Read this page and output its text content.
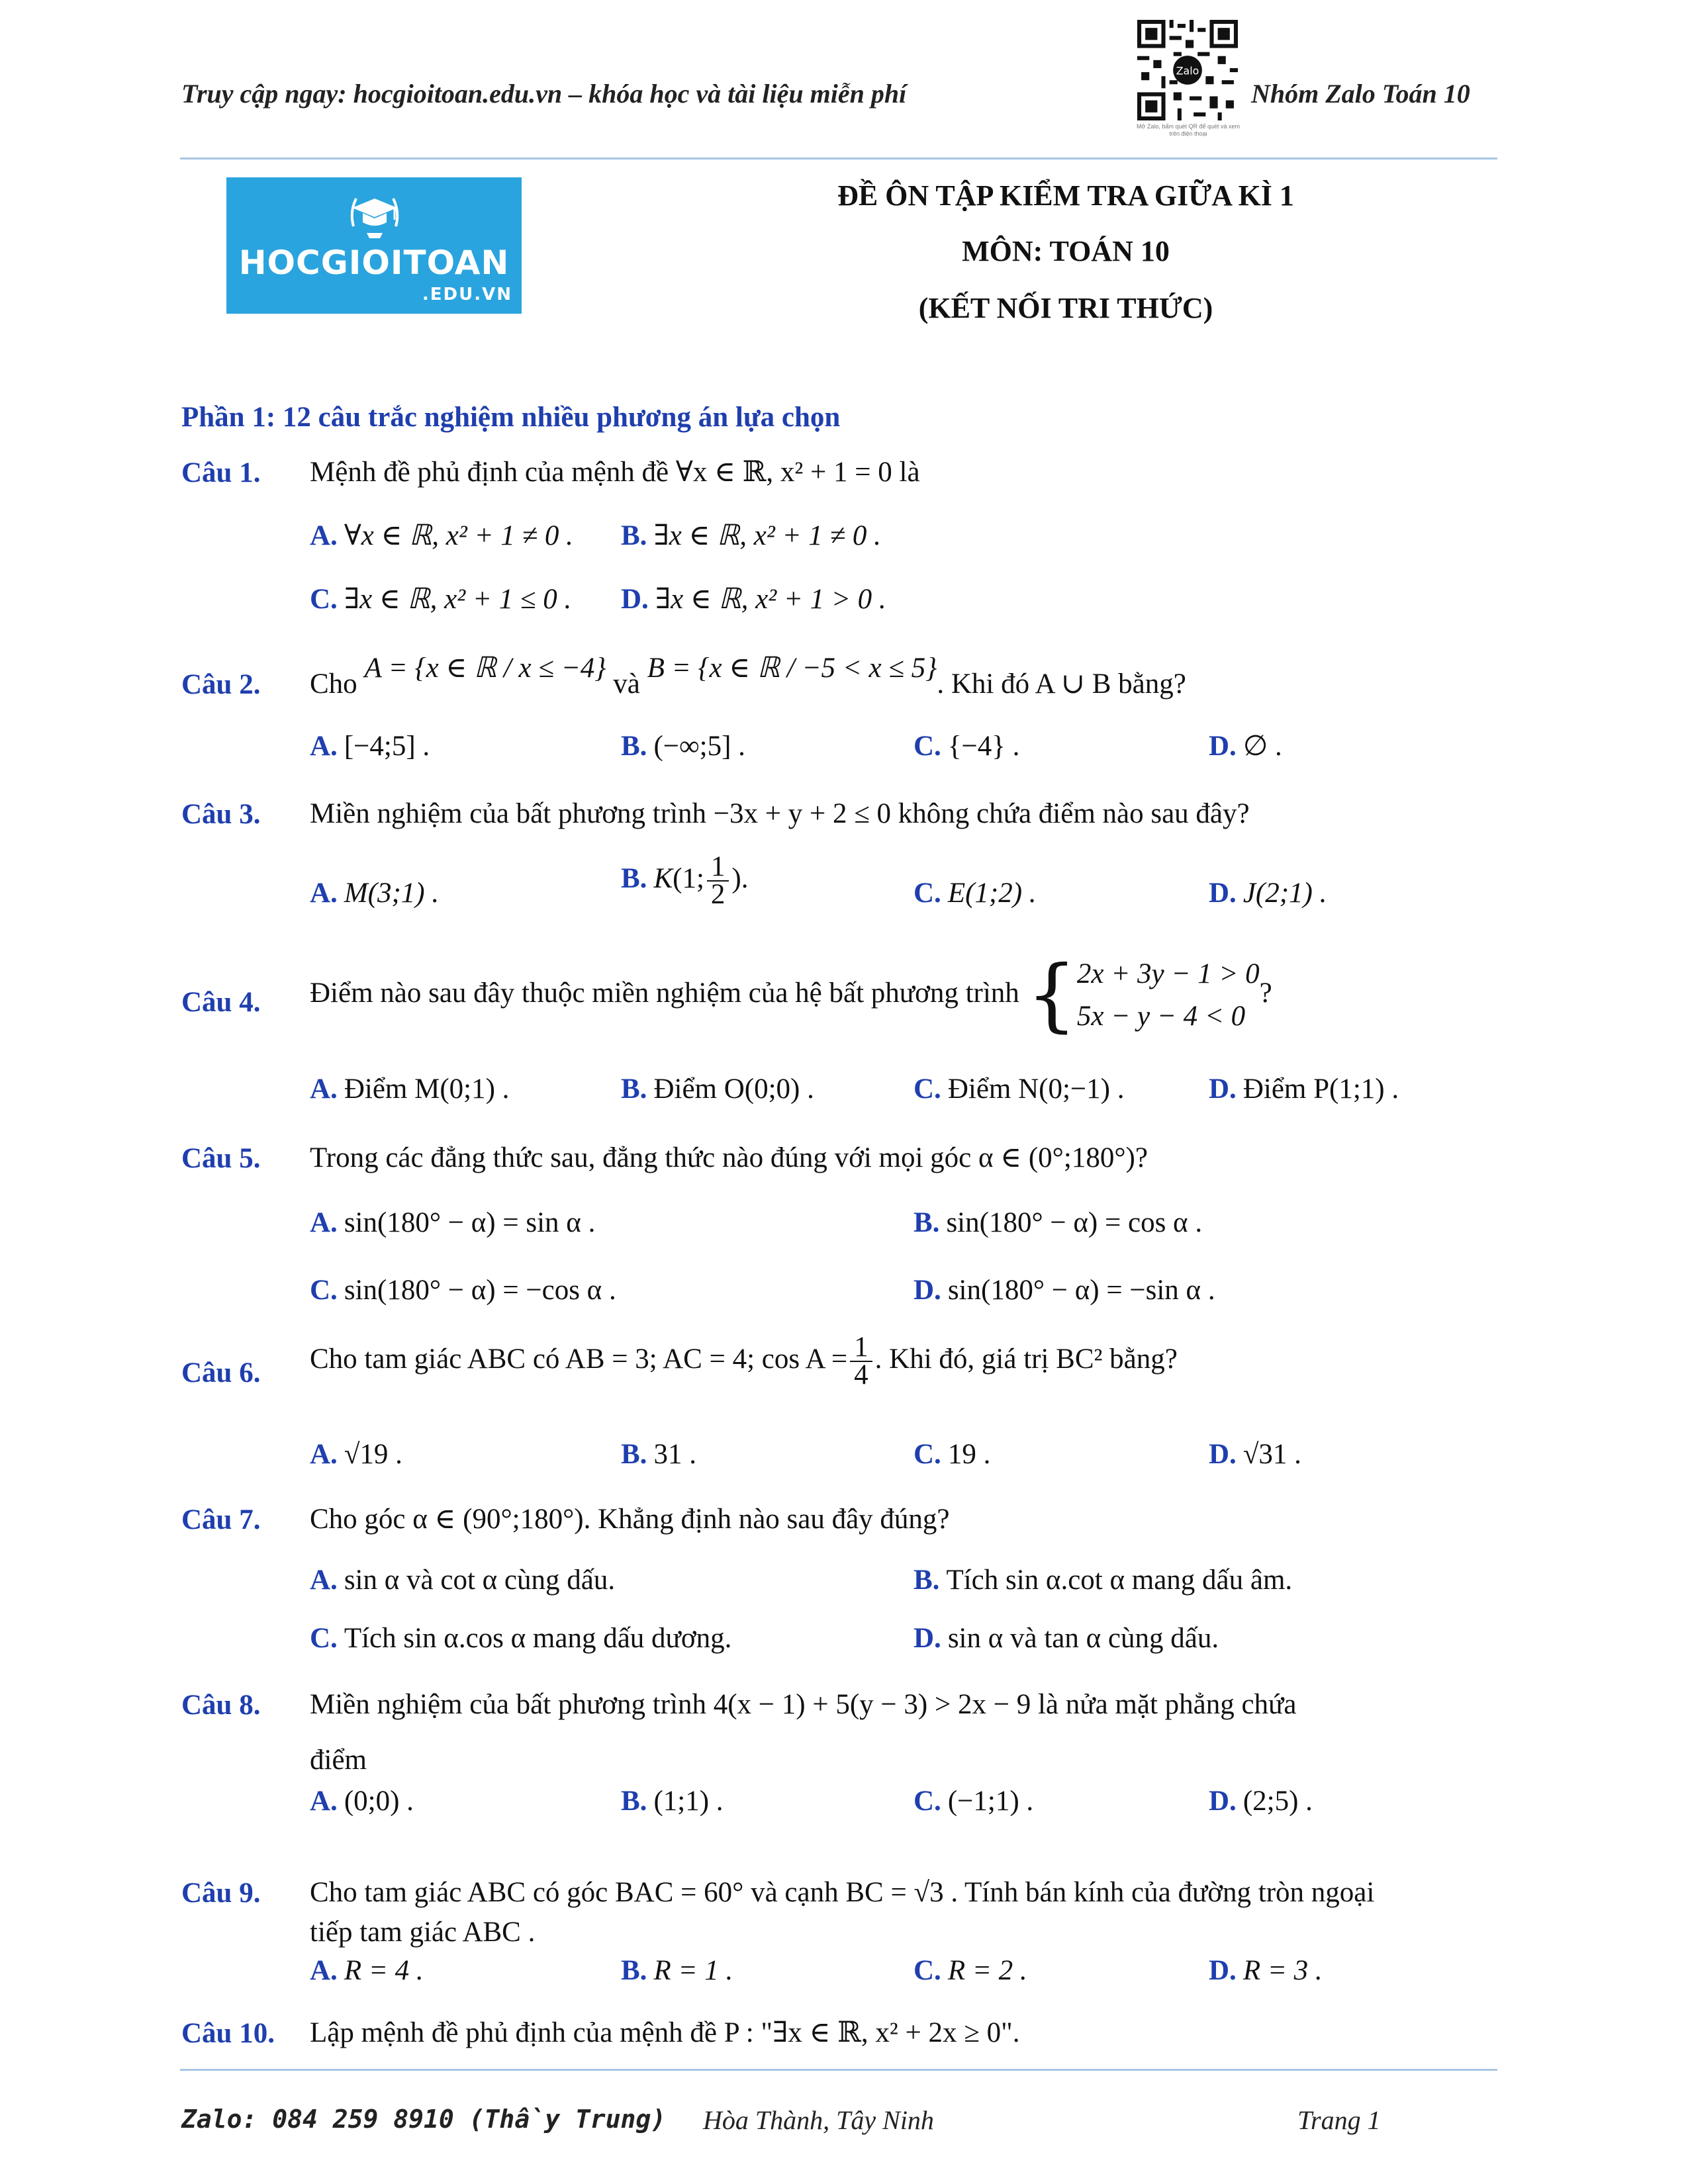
Truy cập ngay: hocgioitoan.edu.vn – khóa học và tài liệu miễn phí
Zalo
Mở Zalo, bấm quét QR để quét và xem trên điện thoại
Nhóm Zalo Toán 10
HOCGIOITOAN
.EDU.VN
ĐỀ ÔN TẬP KIỂM TRA GIỮA KÌ 1
MÔN: TOÁN 10
(KẾT NỐI TRI THỨC)
Phần 1: 12 câu trắc nghiệm nhiều phương án lựa chọn
Câu 1. Mệnh đề phủ định của mệnh đề ∀x ∈ ℝ, x² + 1 = 0 là
A. ∀x ∈ ℝ, x² + 1 ≠ 0 . B. ∃x ∈ ℝ, x² + 1 ≠ 0 .
C. ∃x ∈ ℝ, x² + 1 ≤ 0 . D. ∃x ∈ ℝ, x² + 1 > 0 .
Câu 2. Cho A = {x ∈ ℝ / x ≤ −4} và B = {x ∈ ℝ / −5 < x ≤ 5}. Khi đó A ∪ B bằng?
A. [−4;5] .	B. (−∞;5] .	C. {−4} .	D. ∅ .
Câu 3. Miền nghiệm của bất phương trình −3x + y + 2 ≤ 0 không chứa điểm nào sau đây?
A. M(3;1) .	B. K(1; $\frac{1}{2}$ ).	C. E(1;2) .	D. J(2;1) .
Câu 4. Điểm nào sau đây thuộc miền nghiệm của hệ bất phương trình {2x + 3y − 1 > 0
5x − y − 4 < 0?
A. Điểm M(0;1) .	B. Điểm O(0;0) .	C. Điểm N(0;−1) .	D. Điểm P(1;1) .
Câu 5. Trong các đẳng thức sau, đẳng thức nào đúng với mọi góc α ∈ (0°;180°)?
A. sin(180° − α) = sin α .	B. sin(180° − α) = cos α .
C. sin(180° − α) = −cos α .	D. sin(180° − α) = −sin α .
Câu 6. Cho tam giác ABC có AB = 3; AC = 4; $\cos A = \frac{1}{4}$ . Khi đó, giá trị BC² bằng?
A. √19 .	B. 31 .	C. 19 .	D. √31 .
Câu 7. Cho góc α ∈ (90°;180°). Khẳng định nào sau đây đúng?
A. sin α và cot α cùng dấu.	B. Tích sin α.cot α mang dấu âm.
C. Tích sin α.cos α mang dấu dương.	D. sin α và tan α cùng dấu.
Câu 8. Miền nghiệm của bất phương trình 4(x − 1) + 5(y − 3) > 2x − 9 là nửa mặt phẳng chứa
điểm
A. (0;0) .	B. (1;1) .	C. (−1;1) .	D. (2;5) .
Câu 9. Cho tam giác ABC có góc BAC = 60° và cạnh BC = √3 . Tính bán kính của đường tròn ngoại
tiếp tam giác ABC .
A. R = 4 .	B. R = 1 .	C. R = 2 .	D. R = 3 .
Câu 10. Lập mệnh đề phủ định của mệnh đề P : "∃x ∈ ℝ, x² + 2x ≥ 0".
Zalo: 084 259 8910 (Thầy Trung) Hòa Thành, Tây Ninh	Trang 1
